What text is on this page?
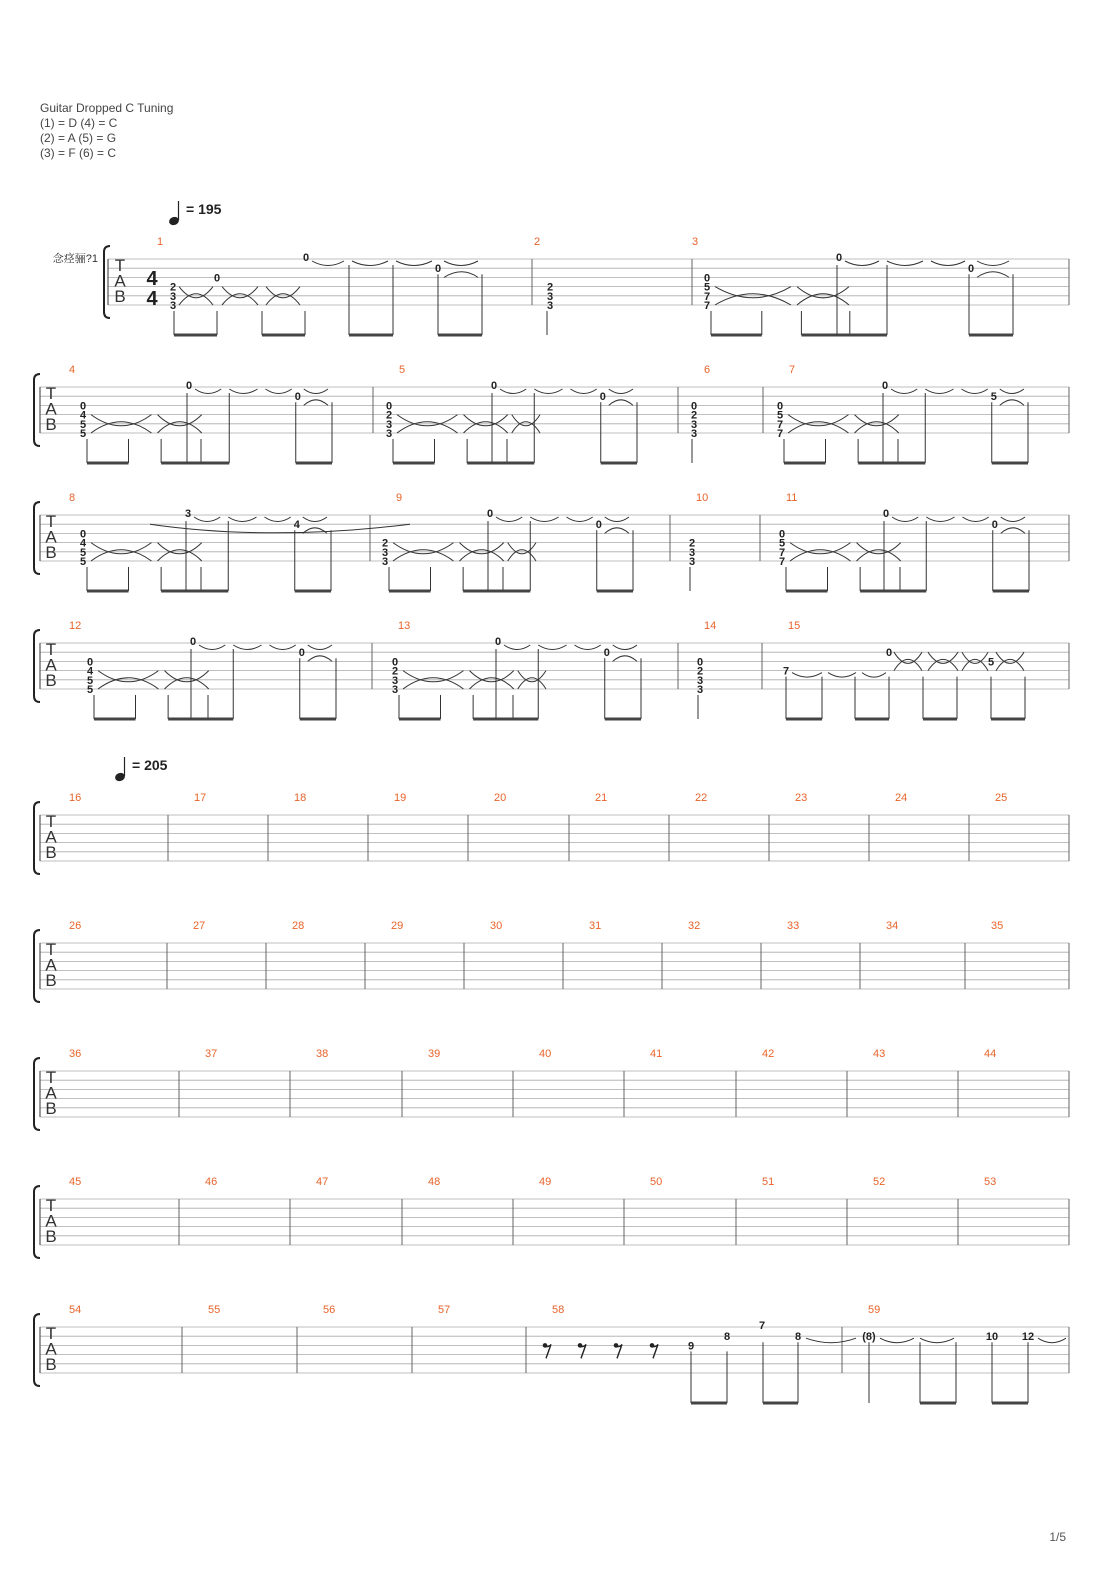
Guitar Dropped C Tuning
(1) = D (4) = C
(2) = A (5) = G
(3) = F (6) = C
T
A
B
1	2	3
T
A
B
4	5	6	7
T
A
B
8	9	10	11
T
A
B
12	13	14	15
T
A
B
16	17	18	19	20	21	22	23	24	25
T
A
B
26	27	28	29	30	31	32	33	34	35
T
A
B
36	37	38	39	40	41	42	43	44
T
A
B
45	46	47	48	49	50	51	52	53
T
A
B
54	55	56	57	58	59
念痉骊?1
4
4
= 195
= 205
2
3
3
0
0
0
2
3
3
0
5
7
7
0
0
0
4
5
5
0
0
0
2
3
3
0
0
0
2
3
3
0
5
7
7
0
5
0
4
5
5
3
4
2
3
3
0
0
2
3
3
0
5
7
7
0
0
0
4
5
5
0
0
0
2
3
3
0
0
0
2
3
3
7
0
5
9
8
7
8	(8)	10 12
1/5
